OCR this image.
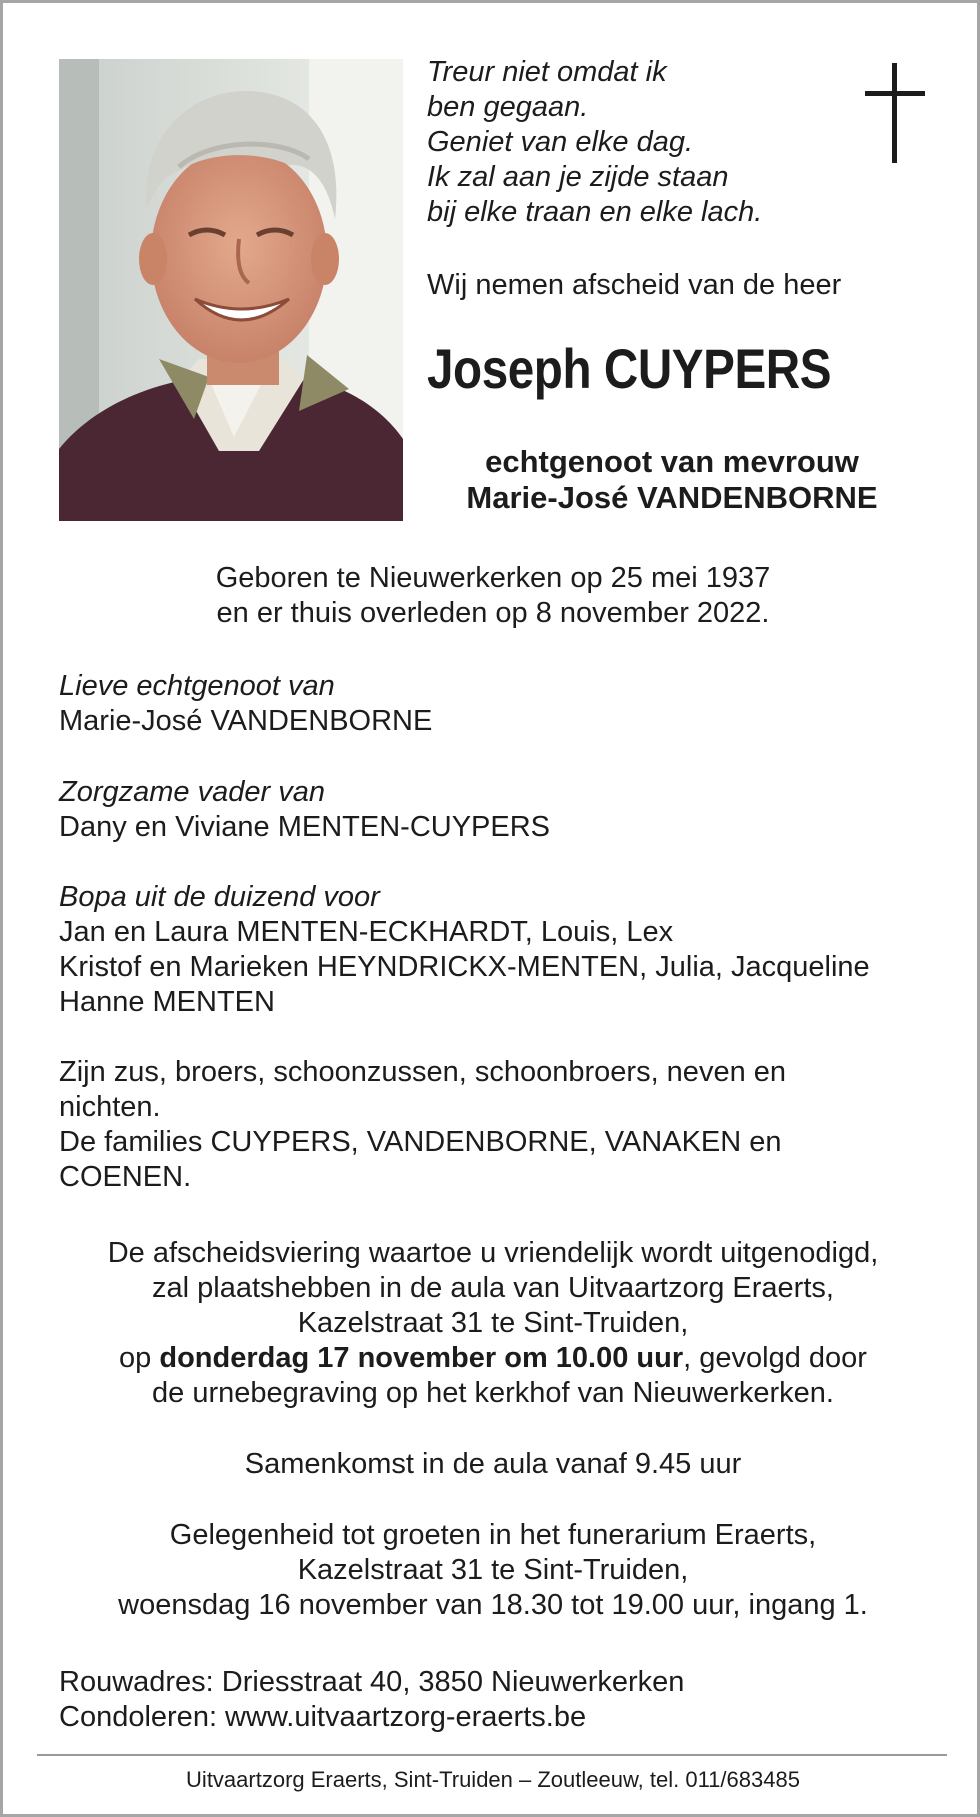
Treur niet omdat ik
ben gegaan.
Geniet van elke dag.
Ik zal aan je zijde staan
bij elke traan en elke lach.
Wij nemen afscheid van de heer
Joseph CUYPERS
echtgenoot van mevrouw
Marie-José VANDENBORNE
Geboren te Nieuwerkerken op 25 mei 1937
en er thuis overleden op 8 november 2022.
Lieve echtgenoot van
Marie-José VANDENBORNE
Zorgzame vader van
Dany en Viviane MENTEN-CUYPERS
Bopa uit de duizend voor
Jan en Laura MENTEN-ECKHARDT, Louis, Lex
Kristof en Marieken HEYNDRICKX-MENTEN, Julia, Jacqueline
Hanne MENTEN
Zijn zus, broers, schoonzussen, schoonbroers, neven en
nichten.
De families CUYPERS, VANDENBORNE, VANAKEN en
COENEN.
De afscheidsviering waartoe u vriendelijk wordt uitgenodigd,
zal plaatshebben in de aula van Uitvaartzorg Eraerts,
Kazelstraat 31 te Sint-Truiden,
op donderdag 17 november om 10.00 uur, gevolgd door
de urnebegraving op het kerkhof van Nieuwerkerken.
Samenkomst in de aula vanaf 9.45 uur
Gelegenheid tot groeten in het funerarium Eraerts,
Kazelstraat 31 te Sint-Truiden,
woensdag 16 november van 18.30 tot 19.00 uur, ingang 1.
Rouwadres: Driesstraat 40, 3850 Nieuwerkerken
Condoleren: www.uitvaartzorg-eraerts.be
Uitvaartzorg Eraerts, Sint-Truiden – Zoutleeuw, tel. 011/683485
